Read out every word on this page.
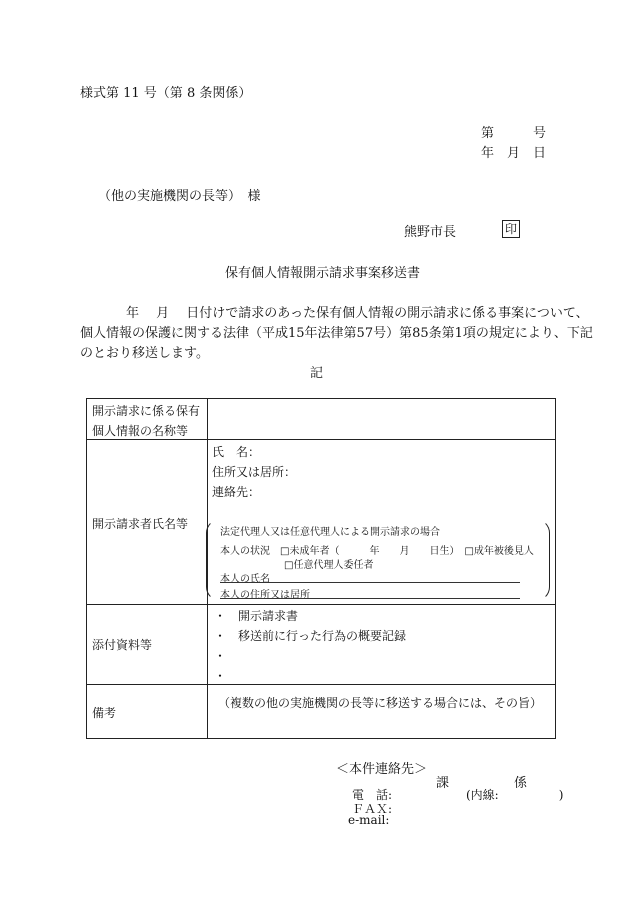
様式第 11 号（第 8 条関係）
第　　　号
年　月　日
（他の実施機関の長等）　様
熊野市長	印
保有個人情報開示請求事案移送書
年　 月　 日付けで請求のあった保有個人情報の開示請求に係る事案について、
個人情報の保護に関する法律（平成15年法律第57号）第85条第1項の規定により、下記
のとおり移送します。
記
開示請求に係る保有
個人情報の名称等
開示請求者氏名等
氏　名：
住所又は居所：
連絡先：
法定代理人又は任意代理人による開示請求の場合
本人の状況　□未成年者（　　　年　　月　　日生）　□成年被後見人
□任意代理人委任者
本人の氏名
本人の住所又は居所
添付資料等
・　開示請求書
・　移送前に行った行為の概要記録
・
・
備考
（複数の他の実施機関の長等に移送する場合には、その旨）
＜本件連絡先＞
課　　　　　係
電　話:	(内線:　　　　　)
ＦＡＸ:
e-mail:
